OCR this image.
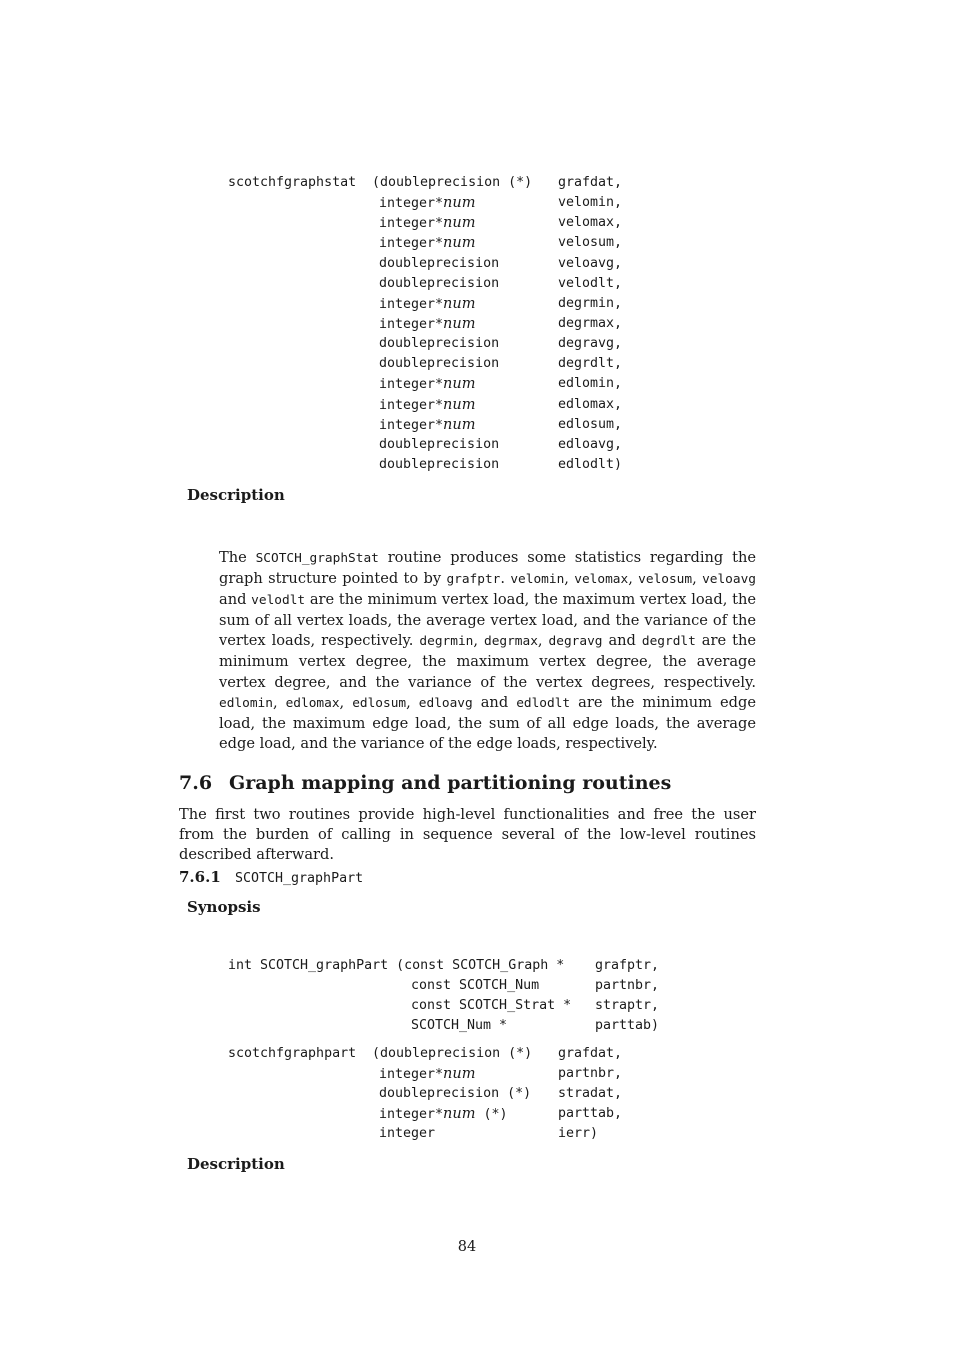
scotchfgraphstat (doubleprecision (*) grafdat,
integer*num	velomin,
integer*num	velomax,
integer*num	velosum,
doubleprecision	veloavg,
doubleprecision	velodlt,
integer*num	degrmin,
integer*num	degrmax,
doubleprecision	degravg,
doubleprecision	degrdlt,
integer*num	edlomin,
integer*num	edlomax,
integer*num	edlosum,
doubleprecision	edloavg,
doubleprecision	edlodlt)
Description
The SCOTCH_graphStat routine produces some statistics regarding the graph structure pointed to by grafptr. velomin, velomax, velosum, veloavg and velodlt are the minimum vertex load, the maximum vertex load, the sum of all vertex loads, the average vertex load, and the variance of the vertex loads, respectively. degrmin, degrmax, degravg and degrdlt are the minimum vertex degree, the maximum vertex degree, the average vertex degree, and the variance of the vertex degrees, respectively. edlomin, edlomax, edlosum, edloavg and edlodlt are the minimum edge load, the maximum edge load, the sum of all edge loads, the average edge load, and the variance of the edge loads, respectively.
7.6 Graph mapping and partitioning routines
The first two routines provide high-level functionalities and free the user from the burden of calling in sequence several of the low-level routines described afterward.
7.6.1 SCOTCH_graphPart
Synopsis
int SCOTCH_graphPart (const SCOTCH_Graph * grafptr,
const SCOTCH_Num	partnbr,
const SCOTCH_Strat * straptr,
SCOTCH_Num *	parttab)
scotchfgraphpart (doubleprecision (*) grafdat,
integer*num	partnbr,
doubleprecision (*) stradat,
integer*num (*)	parttab,
integer	ierr)
Description
84
